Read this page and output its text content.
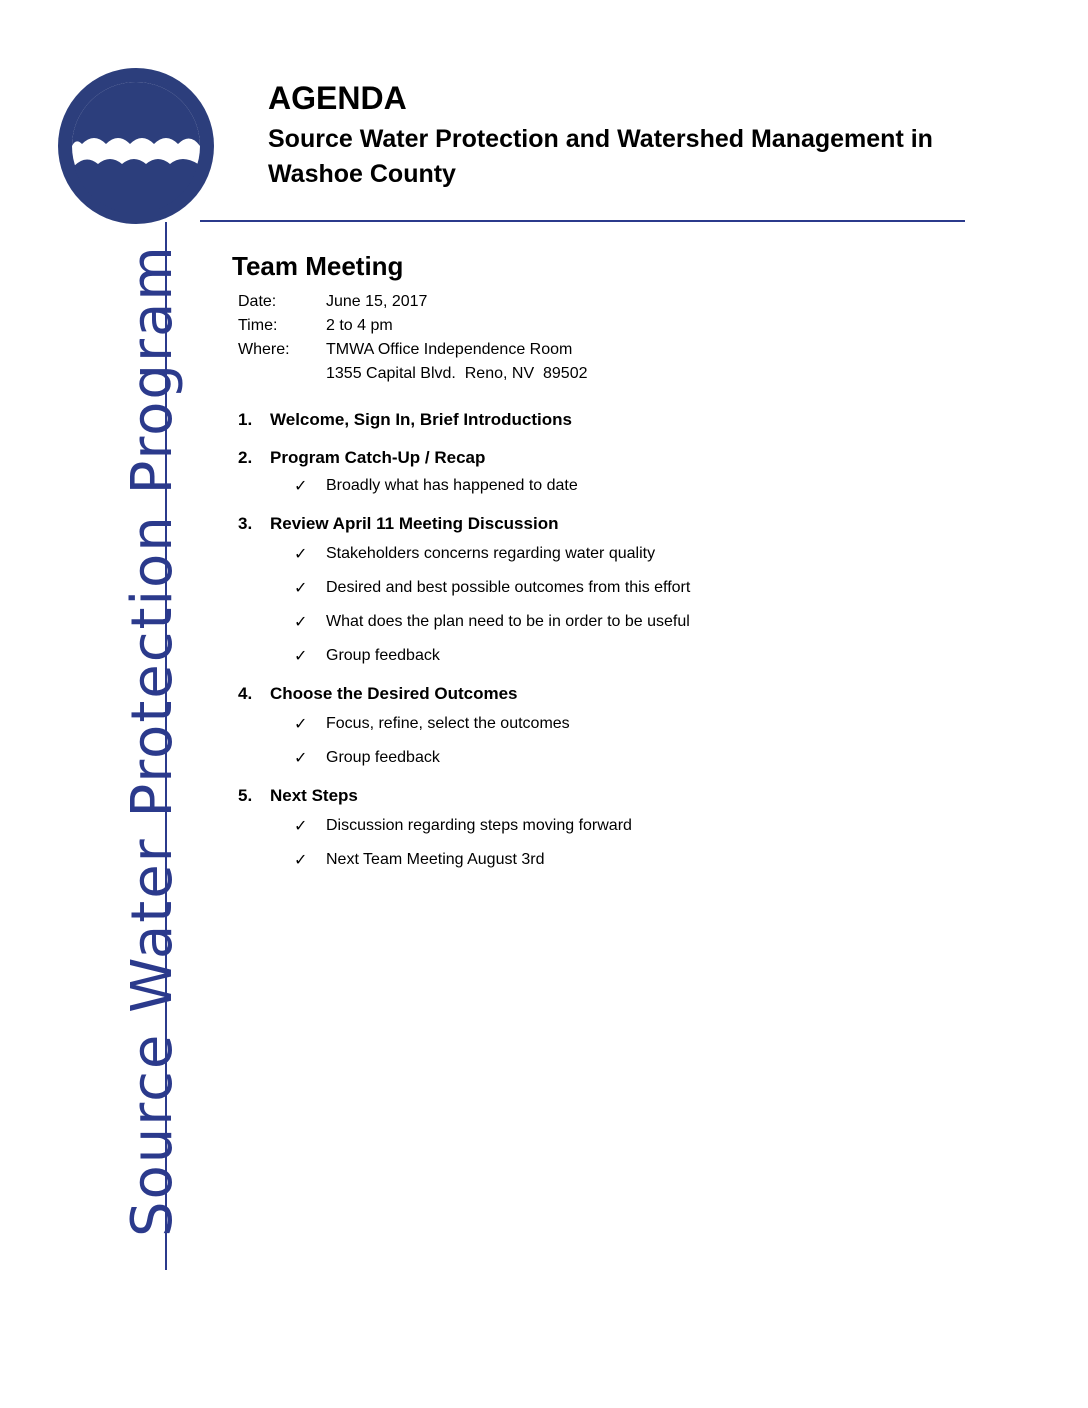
AGENDA
Source Water Protection and Watershed Management in Washoe County
Source Water Protection Program Team Meeting
Date:	June 15, 2017
Time:	2 to 4 pm
Where:	TMWA Office Independence Room
1355 Capital Blvd.  Reno, NV  89502
1.	Welcome, Sign In, Brief Introductions
2.	Program Catch-Up / Recap
✓	Broadly what has happened to date
3.	Review April 11 Meeting Discussion
✓	Stakeholders concerns regarding water quality
✓	Desired and best possible outcomes from this effort
✓	What does the plan need to be in order to be useful
✓	Group feedback
4.	Choose the Desired Outcomes
✓	Focus, refine, select the outcomes
✓	Group feedback
5.	Next Steps
✓	Discussion regarding steps moving forward
✓	Next Team Meeting August 3rd
